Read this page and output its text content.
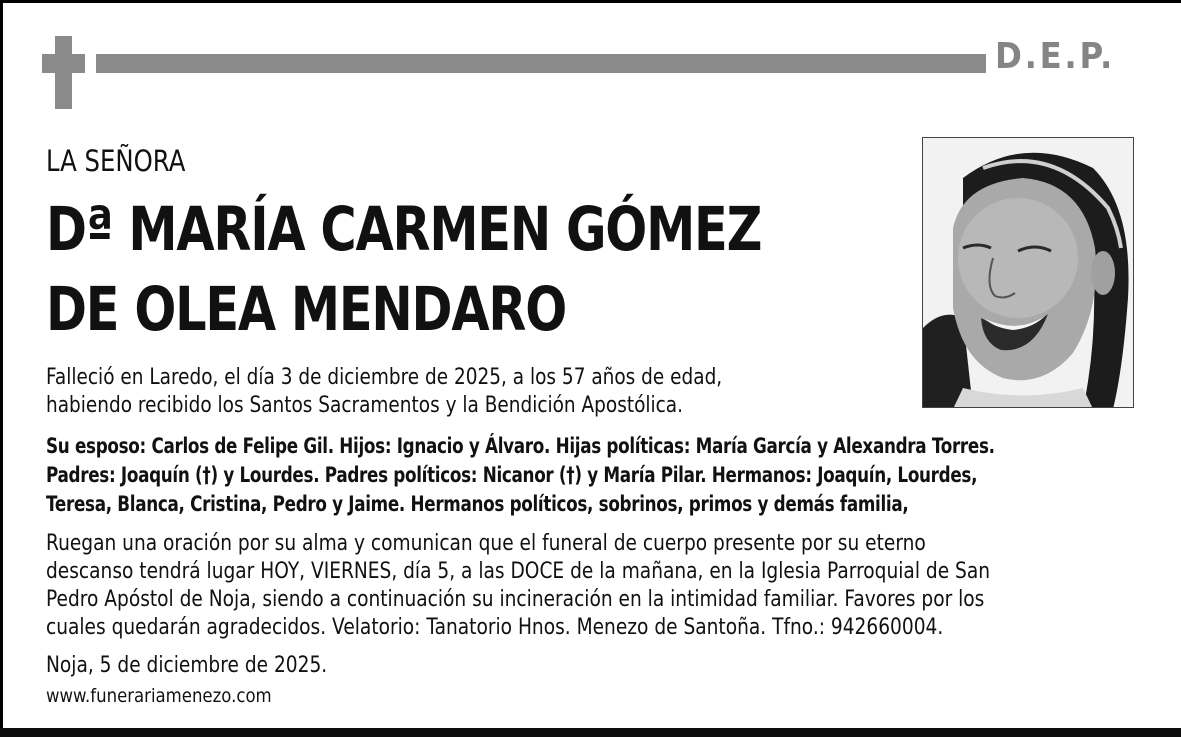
D.E.P.
LA SEÑORA
Dª MARÍA CARMEN GÓMEZ
DE OLEA MENDARO
Falleció en Laredo, el día 3 de diciembre de 2025, a los 57 años de edad,
habiendo recibido los Santos Sacramentos y la Bendición Apostólica.
Su esposo: Carlos de Felipe Gil. Hijos: Ignacio y Álvaro. Hijas políticas: María García y Alexandra Torres.
Padres: Joaquín (†) y Lourdes. Padres políticos: Nicanor (†) y María Pilar. Hermanos: Joaquín, Lourdes,
Teresa, Blanca, Cristina, Pedro y Jaime. Hermanos políticos, sobrinos, primos y demás familia,
Ruegan una oración por su alma y comunican que el funeral de cuerpo presente por su eterno
descanso tendrá lugar HOY, VIERNES, día 5, a las DOCE de la mañana, en la Iglesia Parroquial de San
Pedro Apóstol de Noja, siendo a continuación su incineración en la intimidad familiar. Favores por los
cuales quedarán agradecidos. Velatorio: Tanatorio Hnos. Menezo de Santoña. Tfno.: 942660004.
Noja, 5 de diciembre de 2025.
www.funerariamenezo.com
